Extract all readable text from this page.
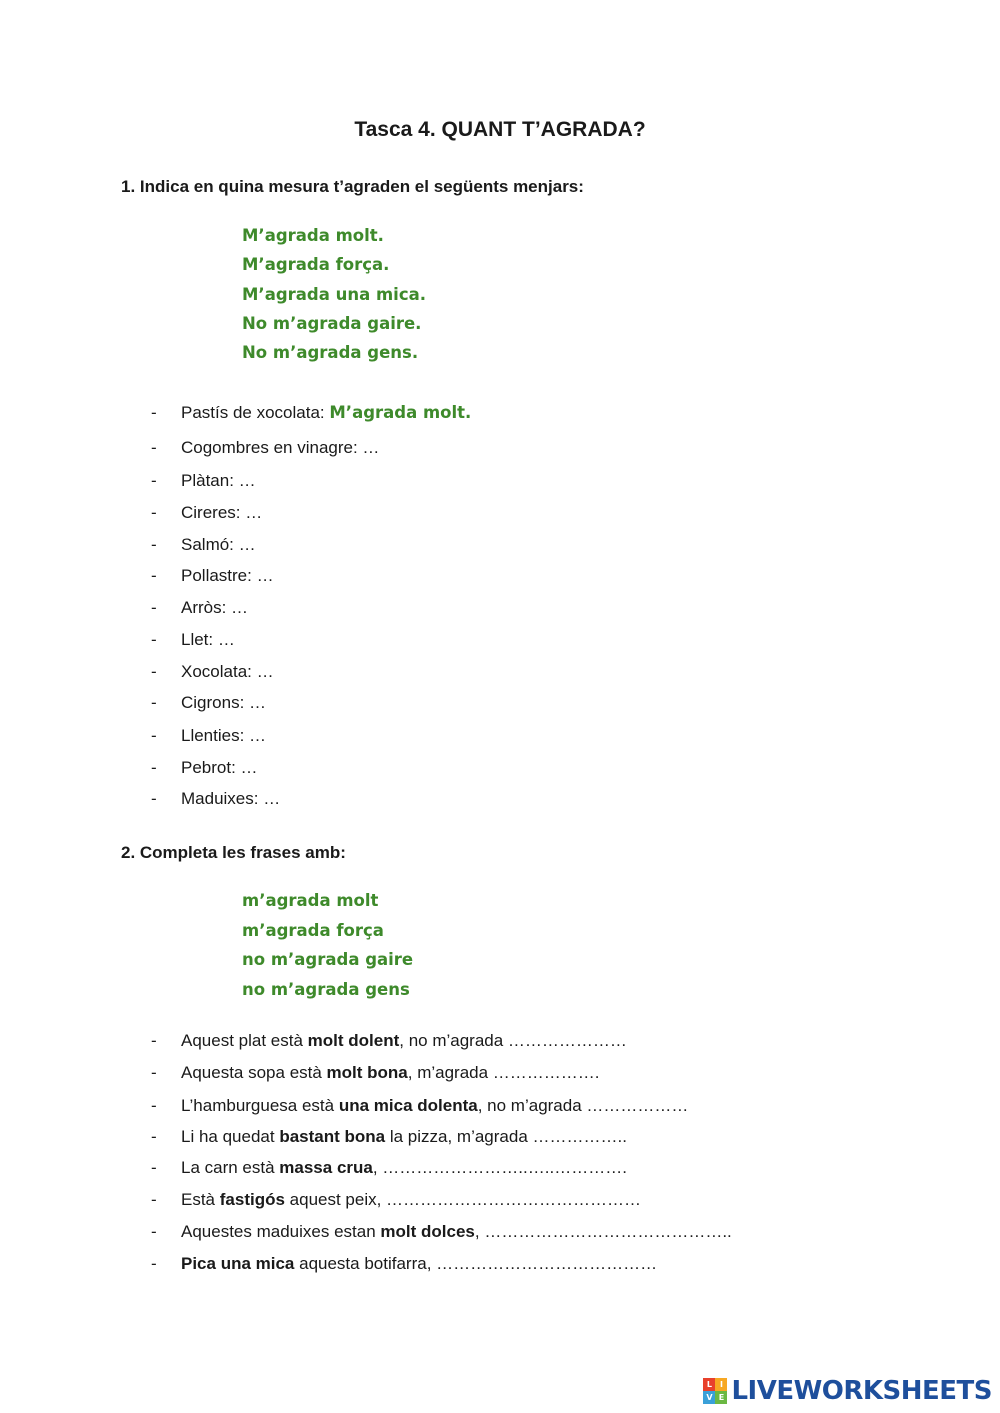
Tasca 4. QUANT T’AGRADA?
1. Indica en quina mesura t’agraden el següents menjars:
M’agrada molt.
M’agrada força.
M’agrada una mica.
No m’agrada gaire.
No m’agrada gens.
- Pastís de xocolata: M’agrada molt.
- Cogombres en vinagre: …
- Plàtan: …
- Cireres: …
- Salmó: …
- Pollastre: …
- Arròs: …
- Llet: …
- Xocolata: …
- Cigrons: …
- Llenties: …
- Pebrot: …
- Maduixes: …
2. Completa les frases amb:
m’agrada molt
m’agrada força
no m’agrada gaire
no m’agrada gens
- Aquest plat està molt dolent, no m’agrada …………………
- Aquesta sopa està molt bona, m’agrada ……………….
- L’hamburguesa està una mica dolenta, no m’agrada ………………
- Li ha quedat bastant bona la pizza, m’agrada ……………..
- La carn està massa crua, ……………………..…..………….
- Està fastigós aquest peix, ………………………………………
- Aquestes maduixes estan molt dolces, ……………………………………..
- Pica una mica aquesta botifarra, …………………………………
L I
V E LIVEWORKSHEETS
